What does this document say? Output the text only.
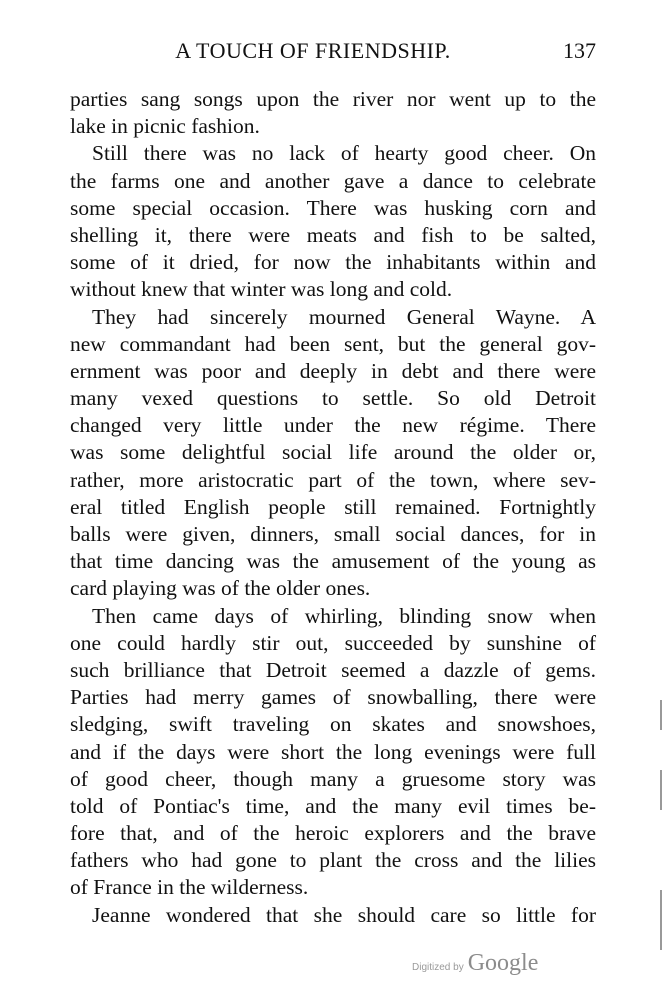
A TOUCH OF FRIENDSHIP.	137
parties sang songs upon the river nor went up to the
lake in picnic fashion.
Still there was no lack of hearty good cheer. On
the farms one and another gave a dance to celebrate
some special occasion. There was husking corn and
shelling it, there were meats and fish to be salted,
some of it dried, for now the inhabitants within and
without knew that winter was long and cold.
They had sincerely mourned General Wayne. A
new commandant had been sent, but the general gov-
ernment was poor and deeply in debt and there were
many vexed questions to settle. So old Detroit
changed very little under the new régime. There
was some delightful social life around the older or,
rather, more aristocratic part of the town, where sev-
eral titled English people still remained. Fortnightly
balls were given, dinners, small social dances, for in
that time dancing was the amusement of the young as
card playing was of the older ones.
Then came days of whirling, blinding snow when
one could hardly stir out, succeeded by sunshine of
such brilliance that Detroit seemed a dazzle of gems.
Parties had merry games of snowballing, there were
sledging, swift traveling on skates and snowshoes,
and if the days were short the long evenings were full
of good cheer, though many a gruesome story was
told of Pontiac's time, and the many evil times be-
fore that, and of the heroic explorers and the brave
fathers who had gone to plant the cross and the lilies
of France in the wilderness.
Jeanne wondered that she should care so little for
Digitized by Google
